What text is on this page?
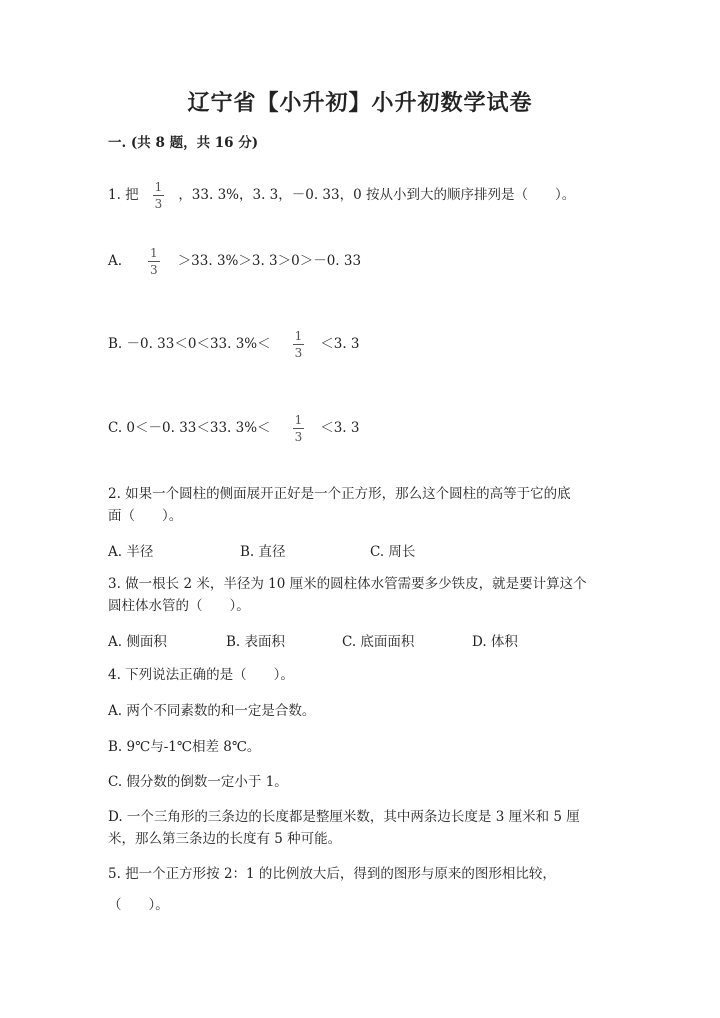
辽宁省【小升初】小升初数学试卷
一. (共 8 题，共 16 分)
1. 把 $\frac{1}{3}$ ，33. 3%，3. 3，－0. 33，0 按从小到大的顺序排列是（　　）。
A. $\frac{1}{3} >33$. 3%＞3. 3＞0＞－0. 33
B. －0. 33＜0＜33. $3\%< \frac{1}{3} <3$. 3
C. 0＜－0. 33＜33. $3\%< \frac{1}{3} <3$. 3
2. 如果一个圆柱的侧面展开正好是一个正方形，那么这个圆柱的高等于它的底
面（　　）。
A. 半径	B. 直径	C. 周长
3. 做一根长 2 米，半径为 10 厘米的圆柱体水管需要多少铁皮，就是要计算这个
圆柱体水管的（　　）。
A. 侧面积	B. 表面积	C. 底面面积	D. 体积
4. 下列说法正确的是（　　）。
A. 两个不同素数的和一定是合数。
B. 9℃与-1℃相差 8℃。
C. 假分数的倒数一定小于 1。
D. 一个三角形的三条边的长度都是整厘米数，其中两条边长度是 3 厘米和 5 厘
米，那么第三条边的长度有 5 种可能。
5. 把一个正方形按 2：1 的比例放大后，得到的图形与原来的图形相比较，
（　　）。
